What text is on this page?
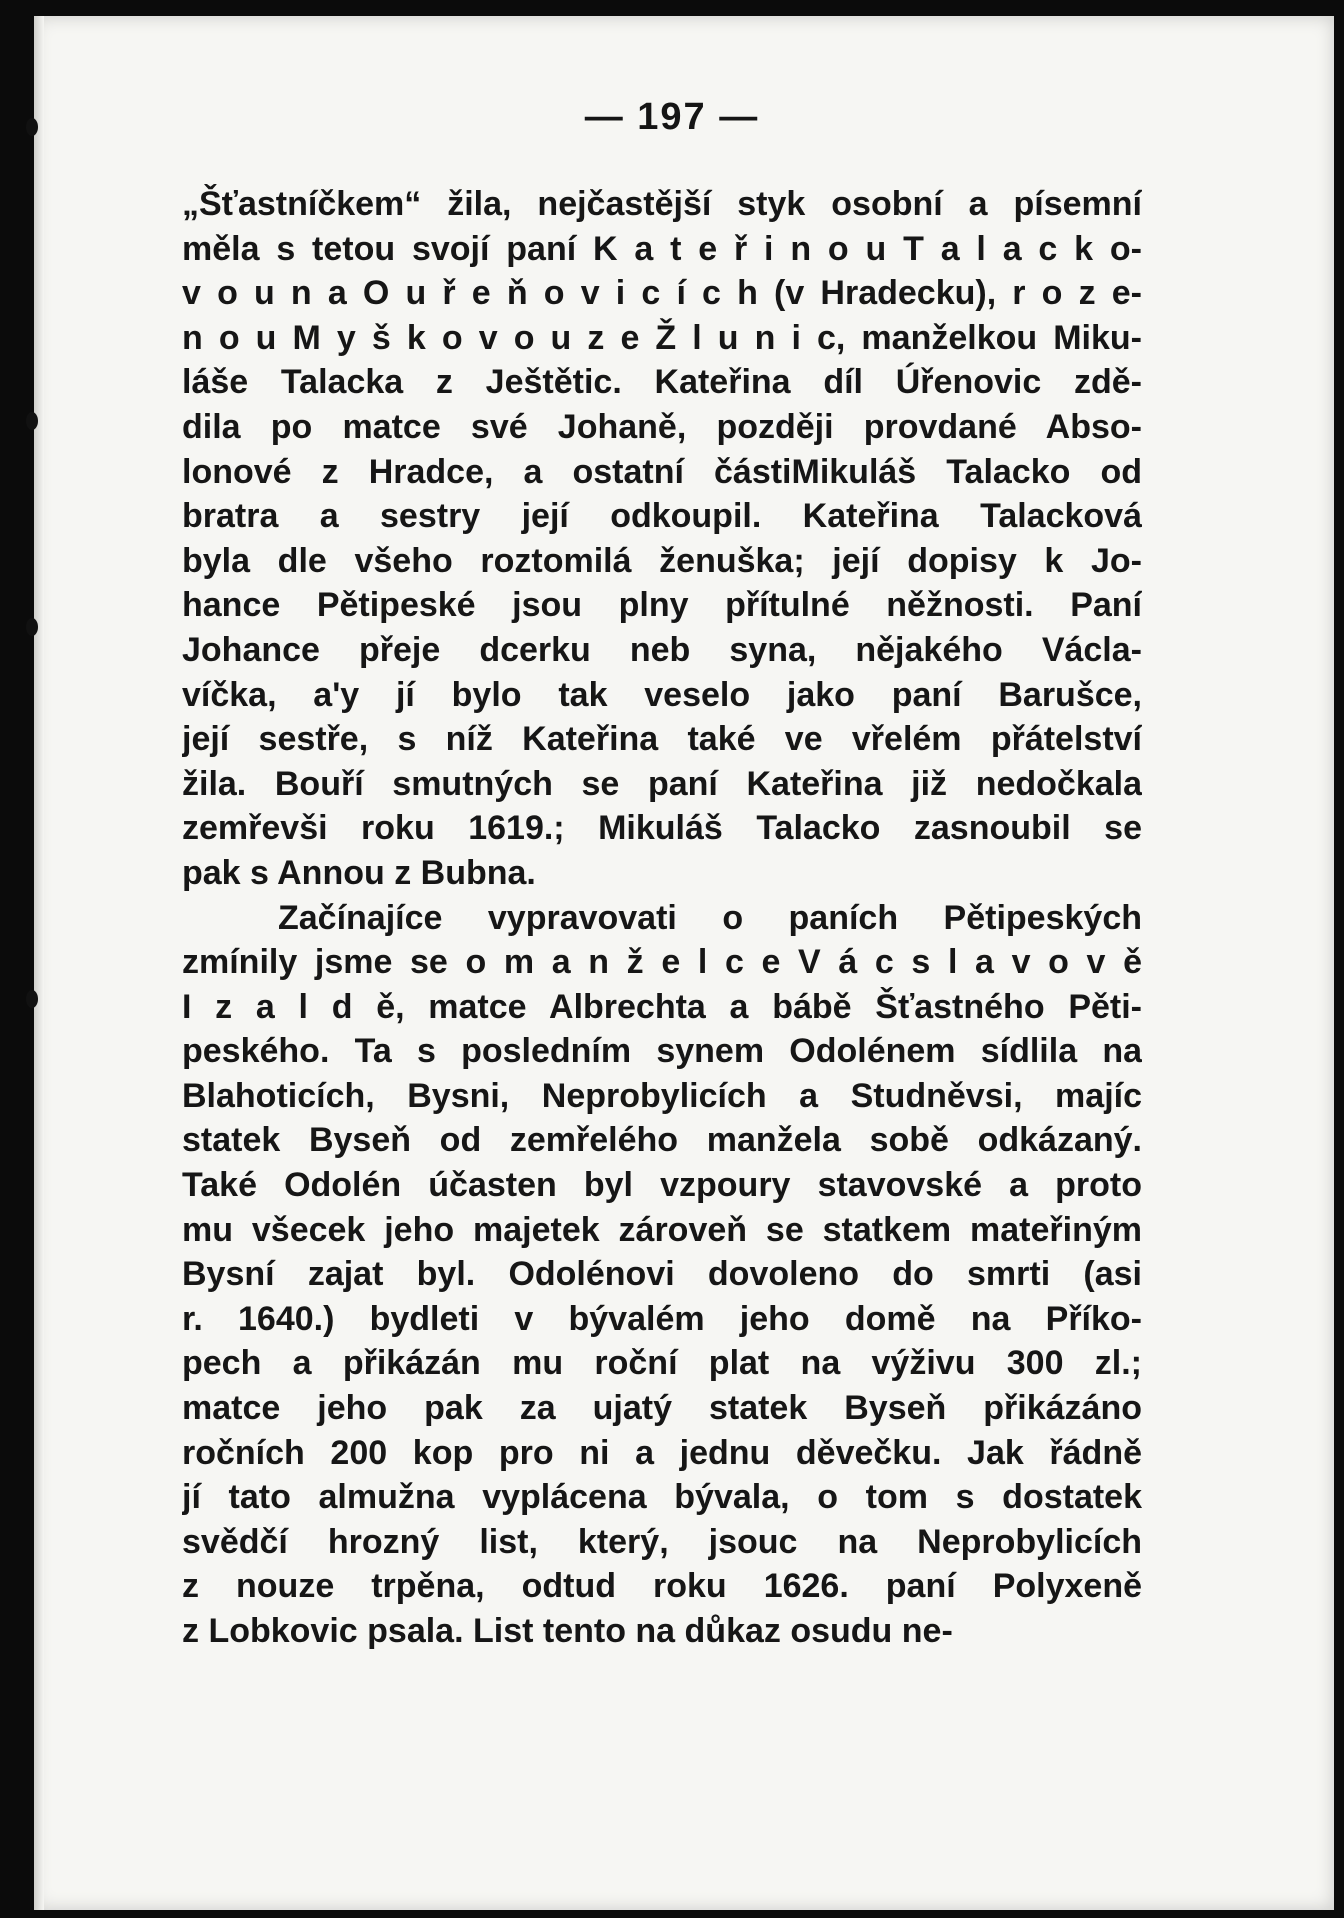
— 197 —
„Šťastníčkem“ žila, nejčastější styk osobní a písemní
měla s tetou svojí paní K a t e ř i n o u T a l a c k o-
v o u n a O u ř e ň o v i c í c h (v Hradecku), r o z e-
n o u M y š k o v o u z e Ž l u n i c, manželkou Miku-
láše Talacka z Ještětic. Kateřina díl Úřenovic zdě-
dila po matce své Johaně, později provdané Abso-
lonové z Hradce, a ostatní částiMikuláš Talacko od
bratra a sestry její odkoupil. Kateřina Talacková
byla dle všeho roztomilá ženuška; její dopisy k Jo-
hance Pětipeské jsou plny přítulné něžnosti. Paní
Johance přeje dcerku neb syna, nějakého Václa-
víčka, a'y jí bylo tak veselo jako paní Barušce,
její sestře, s níž Kateřina také ve vřelém přátelství
žila. Bouří smutných se paní Kateřina již nedočkala
zemřevši roku 1619.; Mikuláš Talacko zasnoubil se
pak s Annou z Bubna.
Začínajíce vypravovati o paních Pětipeských
zmínily jsme se o m a n ž e l c e V á c s l a v o v ě
I z a l d ě, matce Albrechta a bábě Šťastného Pěti-
peského. Ta s posledním synem Odolénem sídlila na
Blahoticích, Bysni, Neprobylicích a Studněvsi, majíc
statek Byseň od zemřelého manžela sobě odkázaný.
Také Odolén účasten byl vzpoury stavovské a proto
mu všecek jeho majetek zároveň se statkem mateřiným
Bysní zajat byl. Odolénovi dovoleno do smrti (asi
r. 1640.) bydleti v bývalém jeho domě na Příko-
pech a přikázán mu roční plat na výživu 300 zl.;
matce jeho pak za ujatý statek Byseň přikázáno
ročních 200 kop pro ni a jednu děvečku. Jak řádně
jí tato almužna vyplácena bývala, o tom s dostatek
svědčí hrozný list, který, jsouc na Neprobylicích
z nouze trpěna, odtud roku 1626. paní Polyxeně
z Lobkovic psala. List tento na důkaz osudu ne-
